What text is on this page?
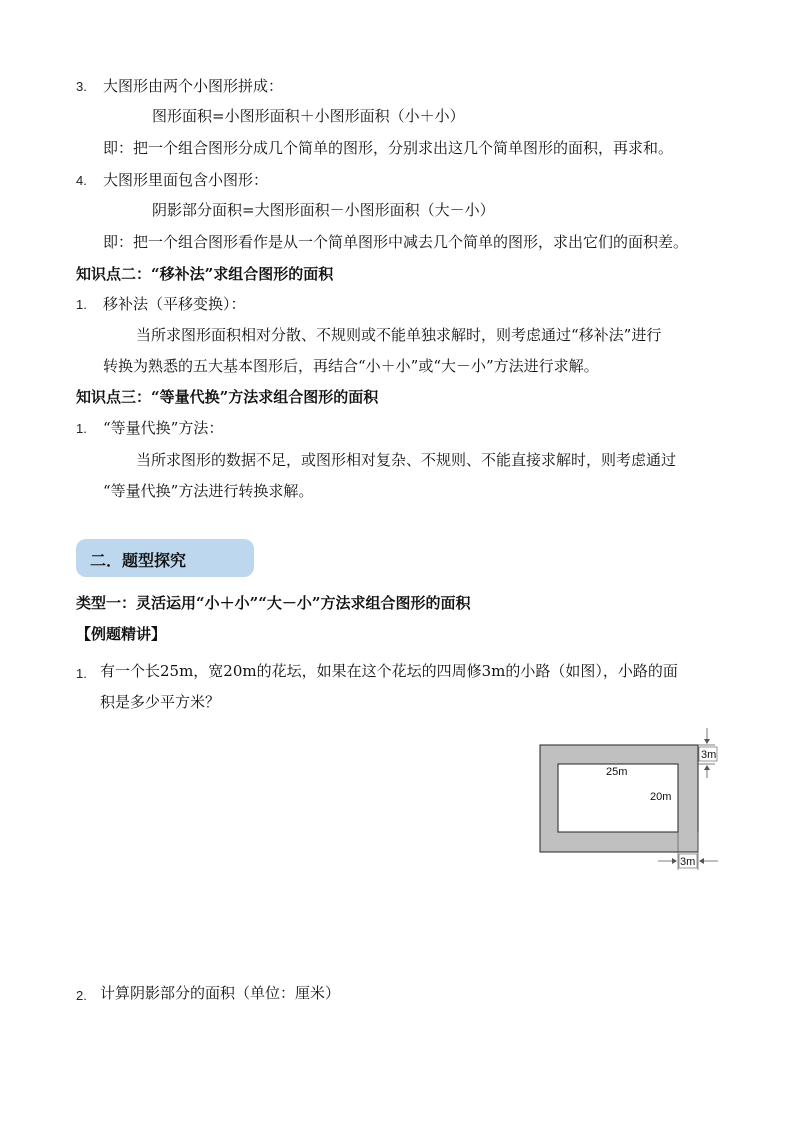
3. 大图形由两个小图形拼成：
图形面积=小图形面积＋小图形面积（小＋小）
即：把一个组合图形分成几个简单的图形，分别求出这几个简单图形的面积，再求和。
4. 大图形里面包含小图形：
阴影部分面积=大图形面积－小图形面积（大－小）
即：把一个组合图形看作是从一个简单图形中减去几个简单的图形，求出它们的面积差。
知识点二：“移补法”求组合图形的面积
1. 移补法（平移变换）：
当所求图形面积相对分散、不规则或不能单独求解时，则考虑通过“移补法”进行
转换为熟悉的五大基本图形后，再结合“小＋小”或“大－小”方法进行求解。
知识点三：“等量代换”方法求组合图形的面积
1. “等量代换”方法：
当所求图形的数据不足，或图形相对复杂、不规则、不能直接求解时，则考虑通过
“等量代换”方法进行转换求解。
二．题型探究
类型一：灵活运用“小＋小”“大－小”方法求组合图形的面积
【例题精讲】
1. 有一个长25m，宽20m的花坛，如果在这个花坛的四周修3m的小路（如图），小路的面
积是多少平方米？
3m
25m
20m
3m
2. 计算阴影部分的面积（单位：厘米）
